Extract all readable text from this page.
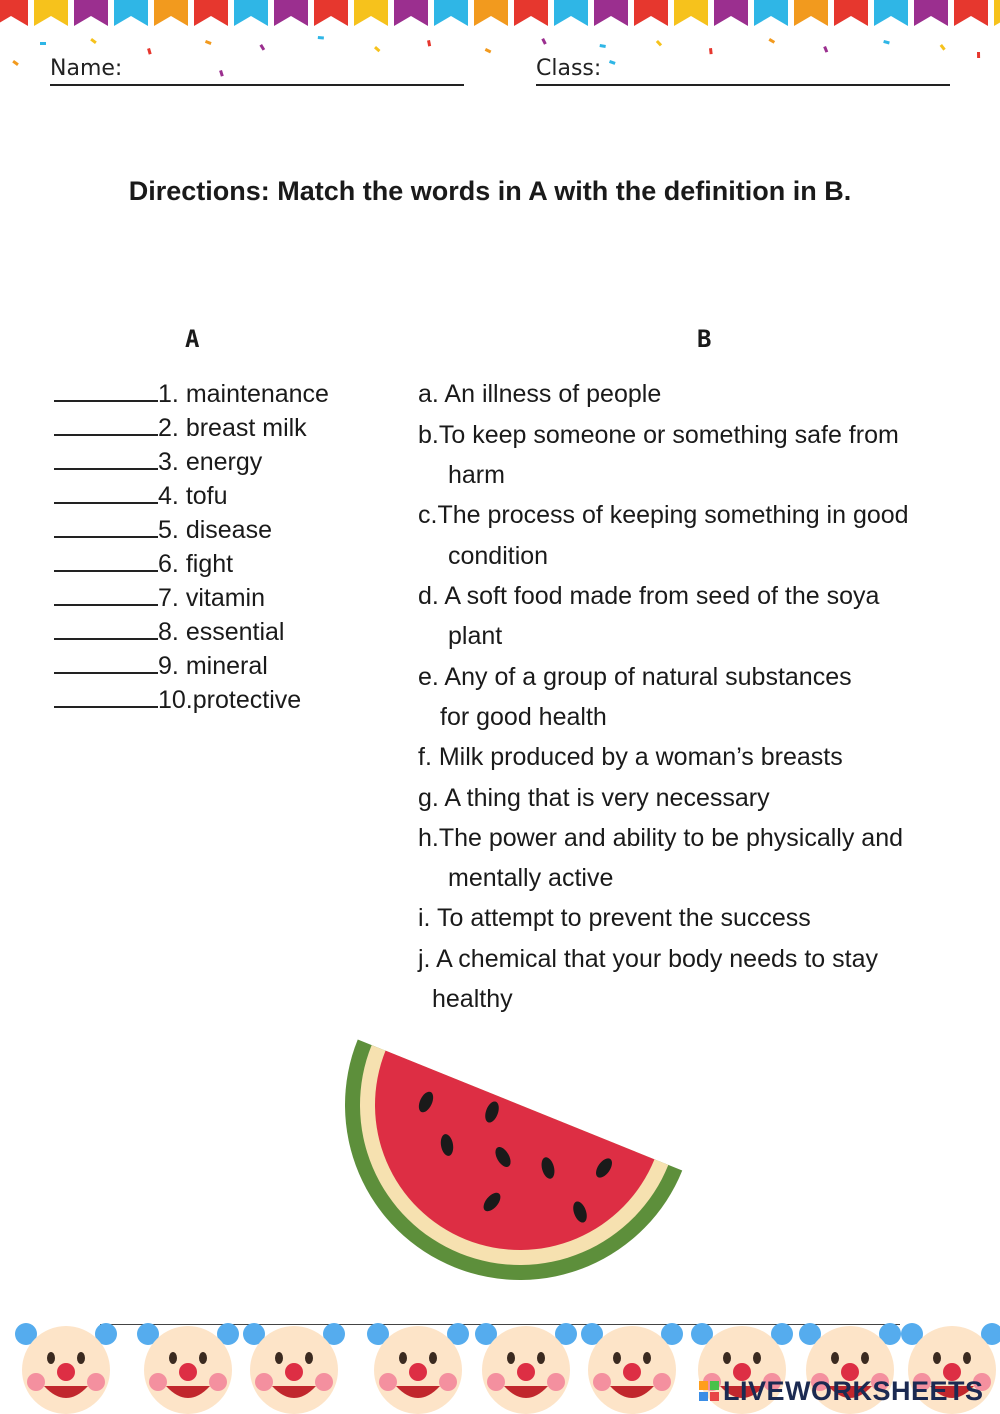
Name:	Class:
Directions: Match the words in A with the definition in B.
A	B
1. maintenance
2. breast milk
3. energy
4. tofu
5. disease
6. fight
7. vitamin
8. essential
9. mineral
10.protective
a. An illness of people
b.To keep someone or something safe from
harm
c.The process of keeping something in good
condition
d. A soft food made from seed of the soya
plant
e. Any of a group of natural substances
for good health
f. Milk produced by a woman’s breasts
g. A thing that is very necessary
h.The power and ability to be physically and
mentally active
i. To attempt to prevent the success
j. A chemical that your body needs to stay
healthy
LIVEWORKSHEETS
